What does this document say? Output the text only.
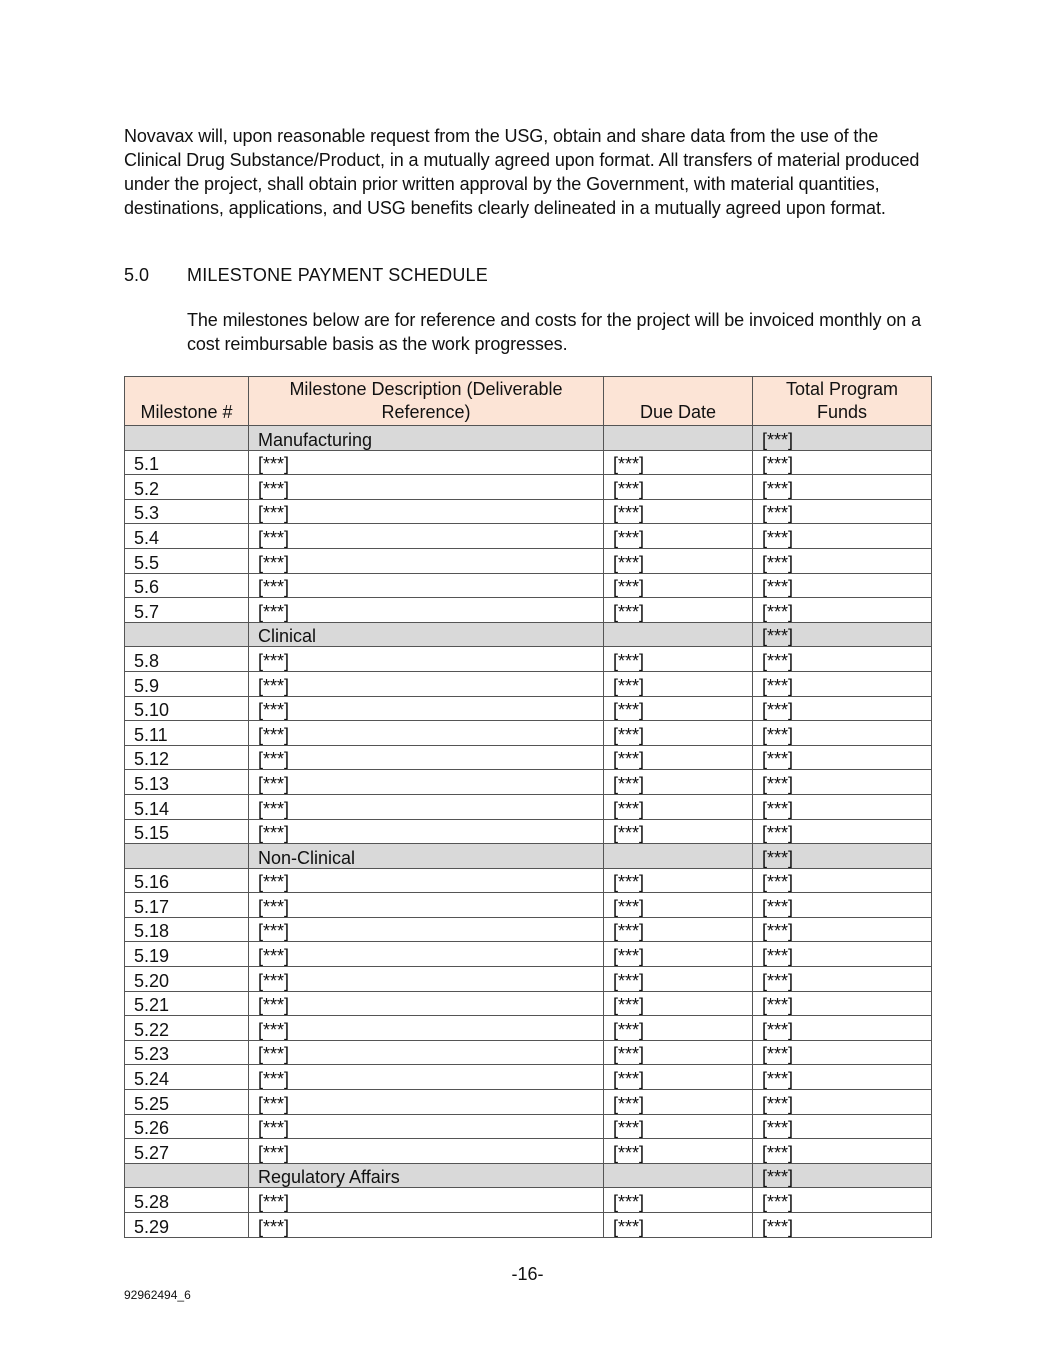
Novavax will, upon reasonable request from the USG, obtain and share data from the use of the Clinical Drug Substance/Product, in a mutually agreed upon format. All transfers of material produced under the project, shall obtain prior written approval by the Government, with material quantities, destinations, applications, and USG benefits clearly delineated in a mutually agreed upon format.

5.0 MILESTONE PAYMENT SCHEDULE

The milestones below are for reference and costs for the project will be invoiced monthly on a cost reimbursable basis as the work progresses.

Milestone #	Milestone Description (Deliverable Reference)	Due Date	Total Program Funds
	Manufacturing		[***]
5.1	[***]	[***]	[***]
5.2	[***]	[***]	[***]
5.3	[***]	[***]	[***]
5.4	[***]	[***]	[***]
5.5	[***]	[***]	[***]
5.6	[***]	[***]	[***]
5.7	[***]	[***]	[***]
	Clinical		[***]
5.8	[***]	[***]	[***]
5.9	[***]	[***]	[***]
5.10	[***]	[***]	[***]
5.11	[***]	[***]	[***]
5.12	[***]	[***]	[***]
5.13	[***]	[***]	[***]
5.14	[***]	[***]	[***]
5.15	[***]	[***]	[***]
	Non-Clinical		[***]
5.16	[***]	[***]	[***]
5.17	[***]	[***]	[***]
5.18	[***]	[***]	[***]
5.19	[***]	[***]	[***]
5.20	[***]	[***]	[***]
5.21	[***]	[***]	[***]
5.22	[***]	[***]	[***]
5.23	[***]	[***]	[***]
5.24	[***]	[***]	[***]
5.25	[***]	[***]	[***]
5.26	[***]	[***]	[***]
5.27	[***]	[***]	[***]
	Regulatory Affairs		[***]
5.28	[***]	[***]	[***]
5.29	[***]	[***]	[***]
-16-
92962494_6
